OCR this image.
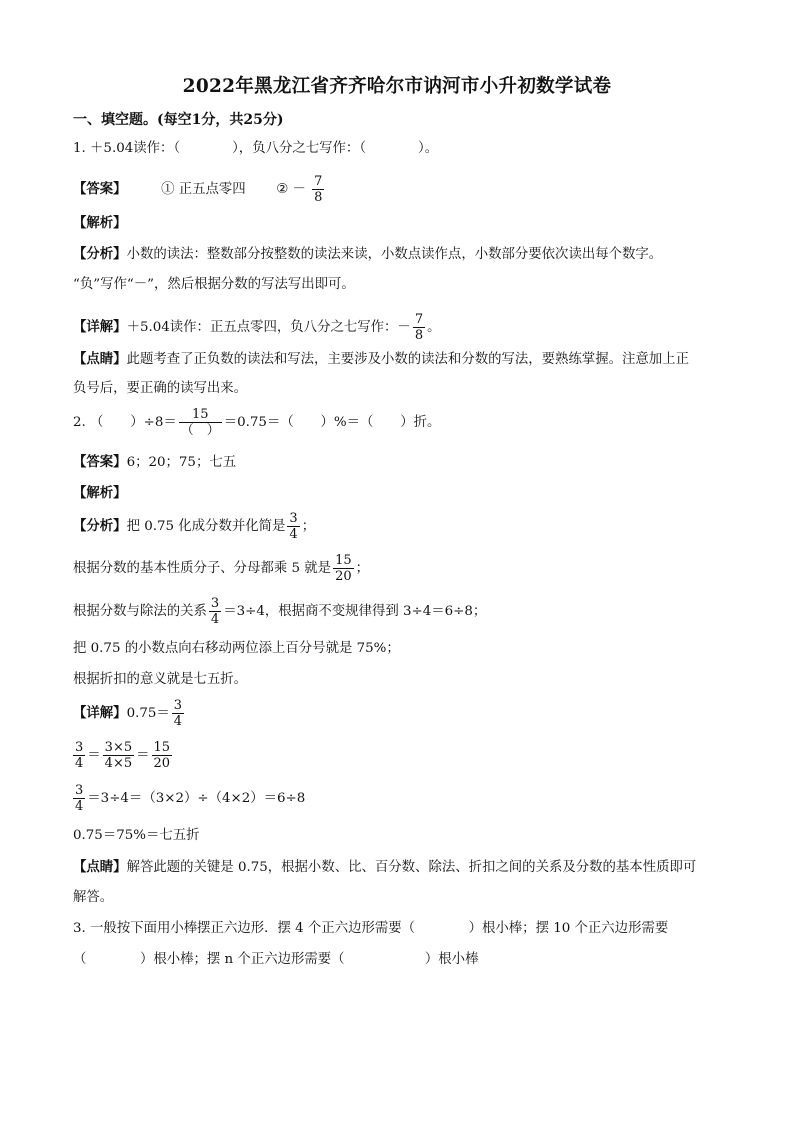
2022年黑龙江省齐齐哈尔市讷河市小升初数学试卷
一、填空题。(每空1分，共25分)
1. ＋5.04读作：（	），负八分之七写作：（	）。
【答案】	① 正五点零四 ② － $\frac{7}{8}$
【解析】
【分析】小数的读法：整数部分按整数的读法来读，小数点读作点，小数部分要依次读出每个数字。
“负”写作“－”，然后根据分数的写法写出即可。
【详解】＋5.04读作：正五点零四，负八分之七写作：－ $\frac{7}{8}$ 。
【点睛】此题考查了正负数的读法和写法，主要涉及小数的读法和分数的写法，要熟练掌握。注意加上正
负号后，要正确的读写出来。
2. （　　）$\div 8= \frac{15}{( )} =0.75=$（　　）%＝（　　）折。
【答案】6；20；75；七五
【解析】
【分析】把 0.75 化成分数并化简是 $\frac{3}{4}$ ；
根据分数的基本性质分子、分母都乘 5 就是 $\frac{15}{20}$ ；
根据分数与除法的关系 $\frac{3}{4} =3\div 4$，根据商不变规律得到 3÷4＝6÷8；
把 0.75 的小数点向右移动两位添上百分号就是 75%；
根据折扣的意义就是七五折。
【详解】$0.75= \frac{3}{4}$
$\frac{3}{4} = \frac{3\times 5}{4\times 5} = \frac{15}{20}$
$\frac{3}{4} =3\div 4=(3\times 2)\div(4\times 2)=6\div 8$
0.75＝75%＝七五折
【点睛】解答此题的关键是 0.75，根据小数、比、百分数、除法、折扣之间的关系及分数的基本性质即可
解答。
3. 一般按下面用小棒摆正六边形．摆 4 个正六边形需要（　　　　）根小棒；摆 10 个正六边形需要
（　　　　）根小棒；摆 n 个正六边形需要（　　　　　　）根小棒
